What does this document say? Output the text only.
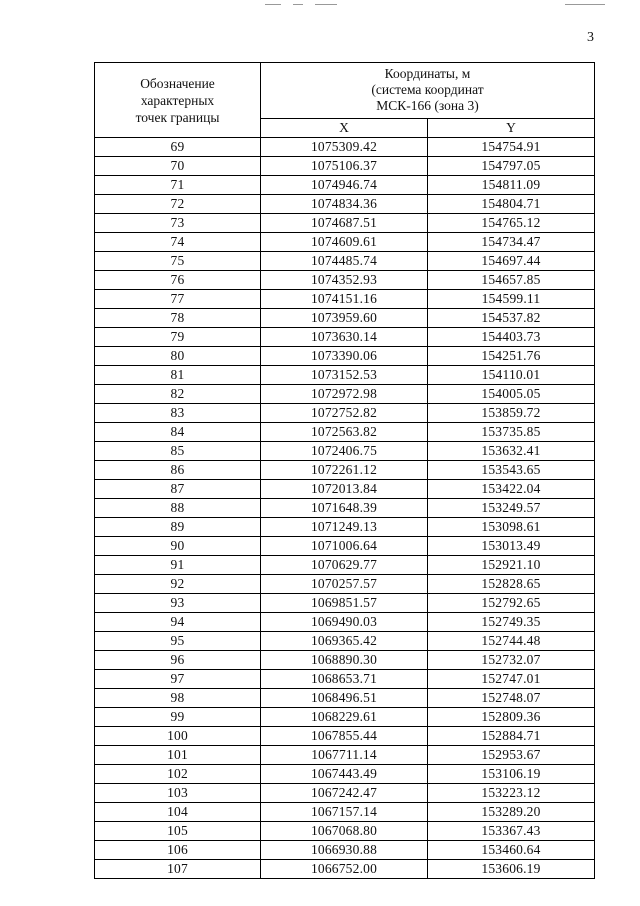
3
Обозначение
характерных
точек границы	Координаты, м
(система координат
МСК-166 (зона 3)	
	X	Y
69	1075309.42	154754.91
70	1075106.37	154797.05
71	1074946.74	154811.09
72	1074834.36	154804.71
73	1074687.51	154765.12
74	1074609.61	154734.47
75	1074485.74	154697.44
76	1074352.93	154657.85
77	1074151.16	154599.11
78	1073959.60	154537.82
79	1073630.14	154403.73
80	1073390.06	154251.76
81	1073152.53	154110.01
82	1072972.98	154005.05
83	1072752.82	153859.72
84	1072563.82	153735.85
85	1072406.75	153632.41
86	1072261.12	153543.65
87	1072013.84	153422.04
88	1071648.39	153249.57
89	1071249.13	153098.61
90	1071006.64	153013.49
91	1070629.77	152921.10
92	1070257.57	152828.65
93	1069851.57	152792.65
94	1069490.03	152749.35
95	1069365.42	152744.48
96	1068890.30	152732.07
97	1068653.71	152747.01
98	1068496.51	152748.07
99	1068229.61	152809.36
100	1067855.44	152884.71
101	1067711.14	152953.67
102	1067443.49	153106.19
103	1067242.47	153223.12
104	1067157.14	153289.20
105	1067068.80	153367.43
106	1066930.88	153460.64
107	1066752.00	153606.19
